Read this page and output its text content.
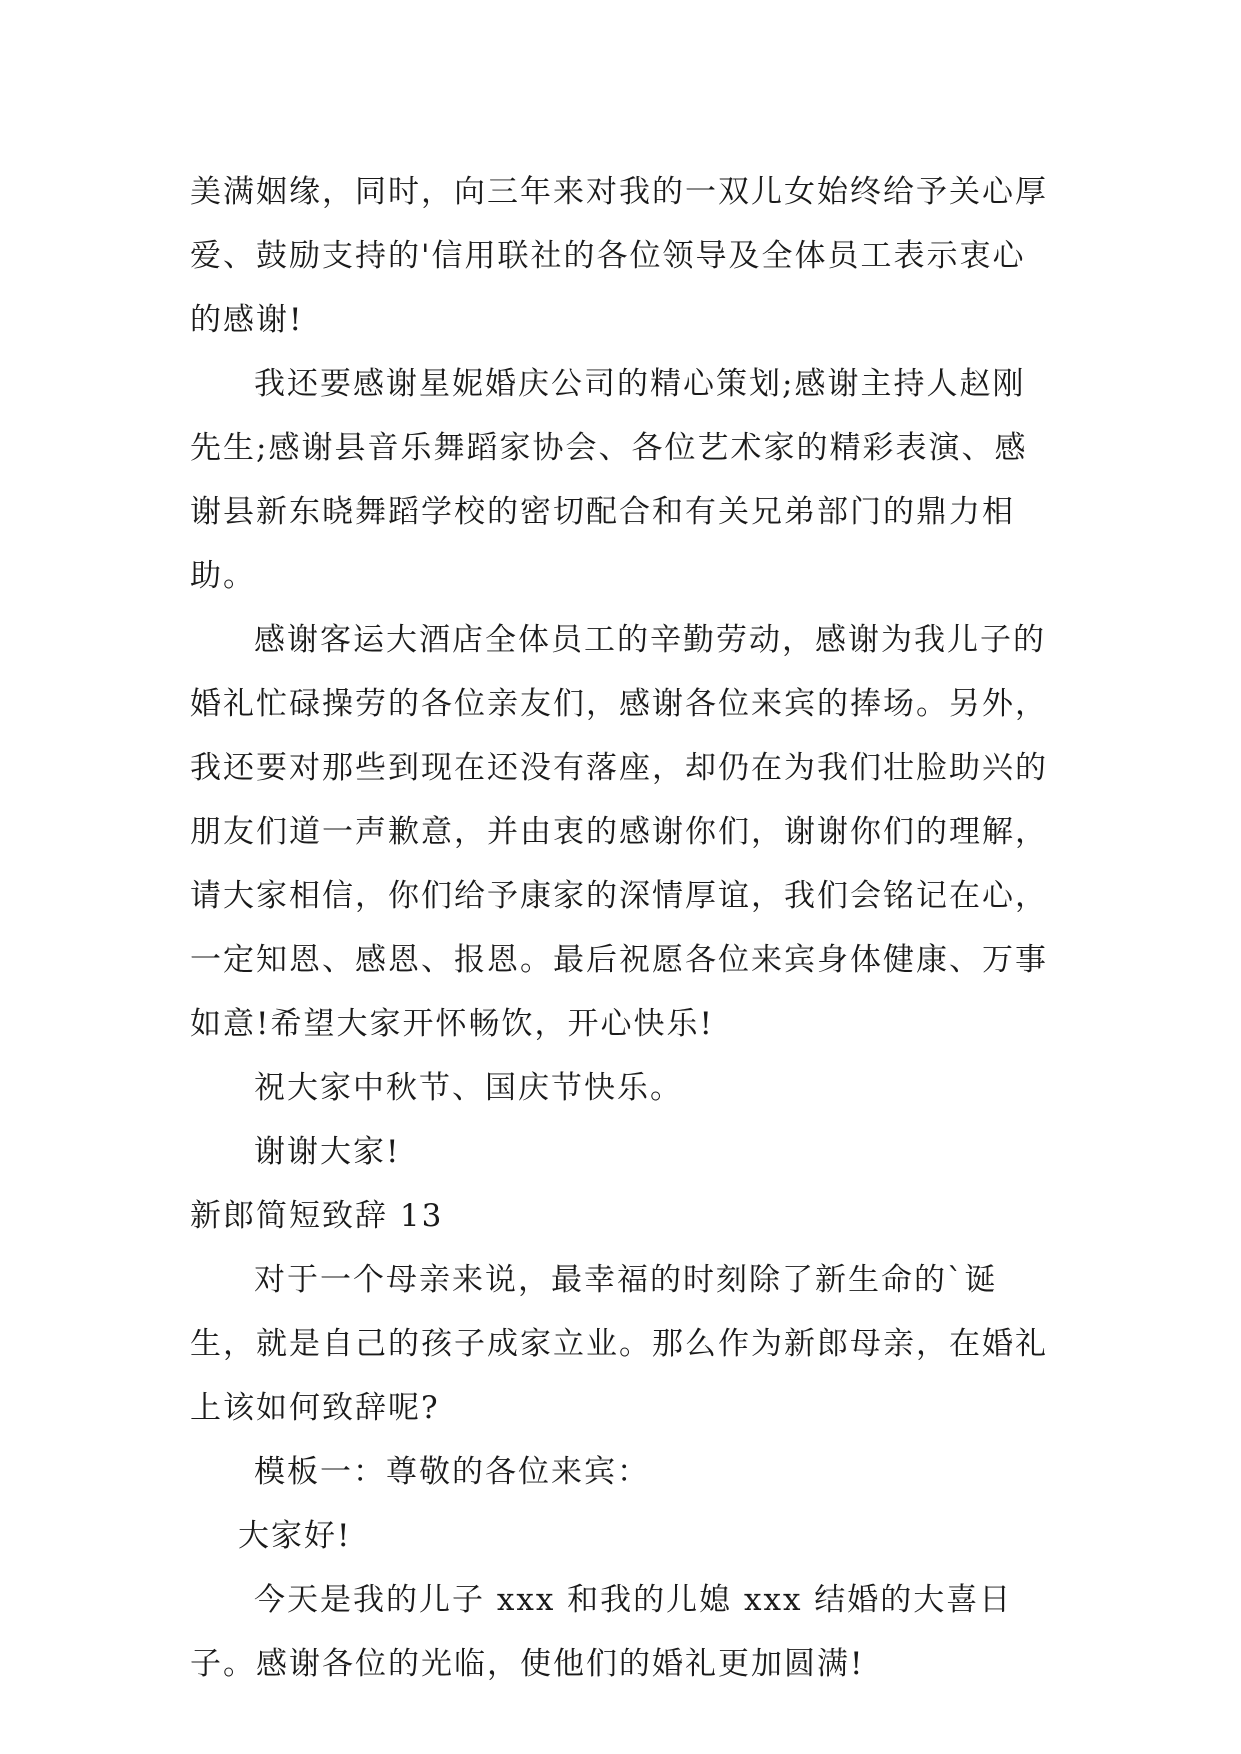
美满姻缘，同时，向三年来对我的一双儿女始终给予关心厚爱、鼓励支持的'信用联社的各位领导及全体员工表示衷心的感谢!

我还要感谢星妮婚庆公司的精心策划;感谢主持人赵刚先生;感谢县音乐舞蹈家协会、各位艺术家的精彩表演、感谢县新东晓舞蹈学校的密切配合和有关兄弟部门的鼎力相助。

感谢客运大酒店全体员工的辛勤劳动，感谢为我儿子的婚礼忙碌操劳的各位亲友们，感谢各位来宾的捧场。另外，我还要对那些到现在还没有落座，却仍在为我们壮脸助兴的朋友们道一声歉意，并由衷的感谢你们，谢谢你们的理解，请大家相信，你们给予康家的深情厚谊，我们会铭记在心，一定知恩、感恩、报恩。最后祝愿各位来宾身体健康、万事如意!希望大家开怀畅饮，开心快乐!

祝大家中秋节、国庆节快乐。

谢谢大家!

新郎简短致辞 13

对于一个母亲来说，最幸福的时刻除了新生命的`诞生，就是自己的孩子成家立业。那么作为新郎母亲，在婚礼上该如何致辞呢?

模板一：尊敬的各位来宾：

大家好!

今天是我的儿子 xxx 和我的儿媳 xxx 结婚的大喜日子。感谢各位的光临，使他们的婚礼更加圆满!
